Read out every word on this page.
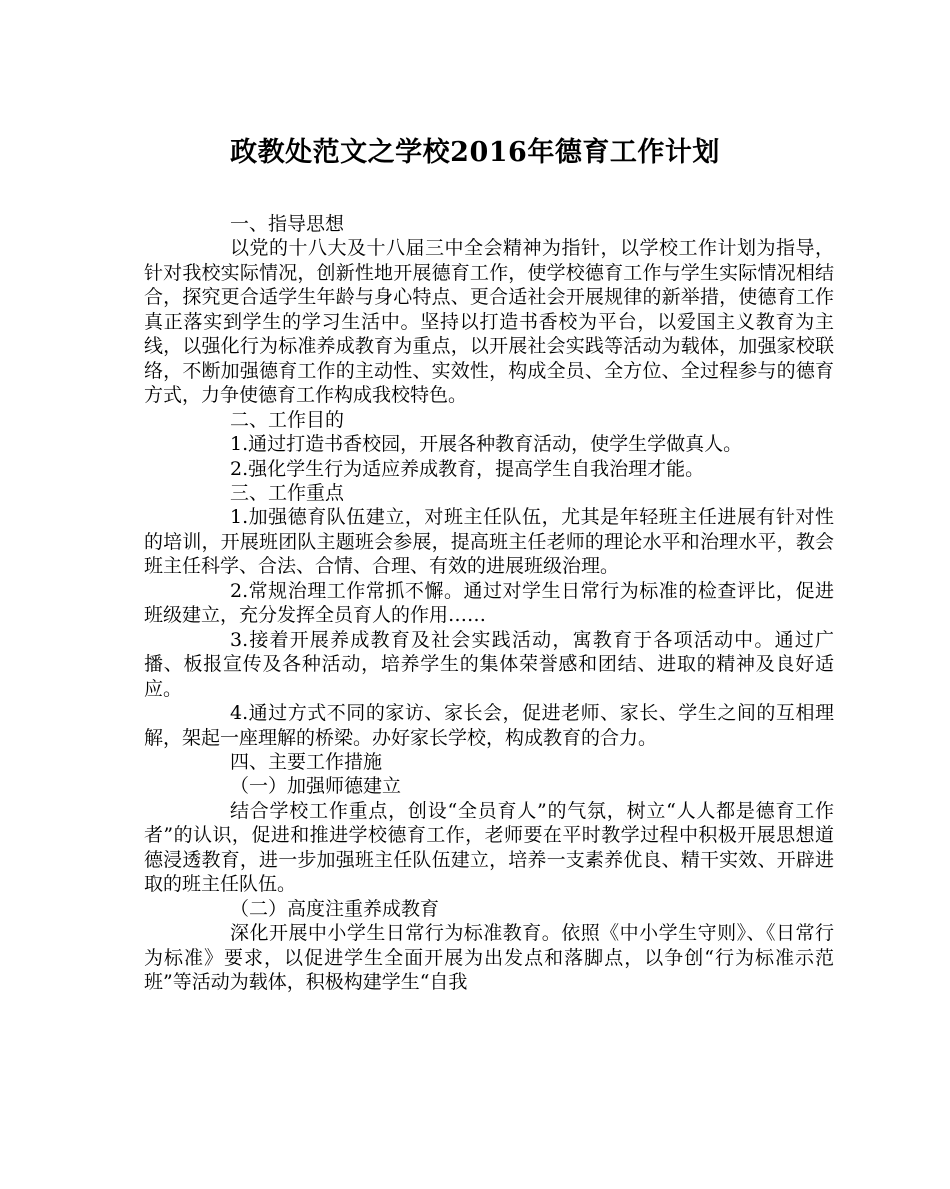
政教处范文之学校2016年德育工作计划

一、指导思想

以党的十八大及十八届三中全会精神为指针，以学校工作计划为指导，针对我校实际情况，创新性地开展德育工作，使学校德育工作与学生实际情况相结合，探究更合适学生年龄与身心特点、更合适社会开展规律的新举措，使德育工作真正落实到学生的学习生活中。坚持以打造书香校为平台，以爱国主义教育为主线，以强化行为标准养成教育为重点，以开展社会实践等活动为载体，加强家校联络，不断加强德育工作的主动性、实效性，构成全员、全方位、全过程参与的德育方式，力争使德育工作构成我校特色。

二、工作目的

1.通过打造书香校园，开展各种教育活动，使学生学做真人。

2.强化学生行为适应养成教育，提高学生自我治理才能。

三、工作重点

1.加强德育队伍建立，对班主任队伍，尤其是年轻班主任进展有针对性的培训，开展班团队主题班会参展，提高班主任老师的理论水平和治理水平，教会班主任科学、合法、合情、合理、有效的进展班级治理。

2.常规治理工作常抓不懈。通过对学生日常行为标准的检查评比，促进班级建立，充分发挥全员育人的作用……

3.接着开展养成教育及社会实践活动，寓教育于各项活动中。通过广播、板报宣传及各种活动，培养学生的集体荣誉感和团结、进取的精神及良好适应。

4.通过方式不同的家访、家长会，促进老师、家长、学生之间的互相理解，架起一座理解的桥梁。办好家长学校，构成教育的合力。

四、主要工作措施

（一）加强师德建立

结合学校工作重点，创设“全员育人”的气氛，树立“人人都是德育工作者”的认识，促进和推进学校德育工作，老师要在平时教学过程中积极开展思想道德浸透教育，进一步加强班主任队伍建立，培养一支素养优良、精干实效、开辟进取的班主任队伍。

（二）高度注重养成教育

深化开展中小学生日常行为标准教育。依照《中小学生守则》、《日常行为标准》要求，以促进学生全面开展为出发点和落脚点，以争创“行为标准示范班”等活动为载体，积极构建学生“自我
